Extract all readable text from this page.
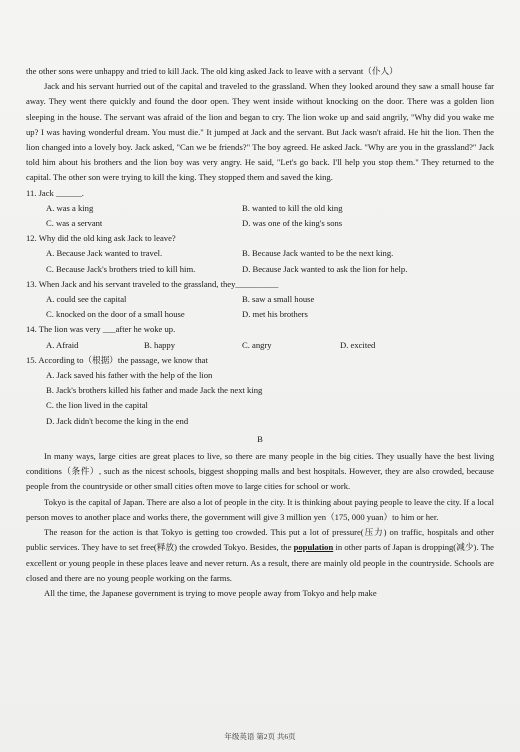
the other sons were unhappy and tried to kill Jack. The old king asked Jack to leave with a servant（仆人）

Jack and his servant hurried out of the capital and traveled to the grassland. When they looked around they saw a small house far away. They went there quickly and found the door open. They went inside without knocking on the door. There was a golden lion sleeping in the house. The servant was afraid of the lion and began to cry. The lion woke up and said angrily, "Why did you wake me up? I was having wonderful dream. You must die." It jumped at Jack and the servant. But Jack wasn't afraid. He hit the lion. Then the lion changed into a lovely boy. Jack asked, "Can we be friends?" The boy agreed. He asked Jack. "Why are you in the grassland?" Jack told him about his brothers and the lion boy was very angry. He said, "Let's go back. I'll help you stop them." They returned to the capital. The other son were trying to kill the king. They stopped them and saved the king.

11. Jack ______.

A. was a king	B. wanted to kill the old king
C. was a servant	D. was one of the king's sons

12. Why did the old king ask Jack to leave?

A. Because Jack wanted to travel.	B. Because Jack wanted to be the next king.
C. Because Jack's brothers tried to kill him.	D. Because Jack wanted to ask the lion for help.

13. When Jack and his servant traveled to the grassland, they__________

A. could see the capital	B. saw a small house
C. knocked on the door of a small house	D. met his brothers

14. The lion was very ___after he woke up.

A. Afraid	B. happy	C. angry	D. excited

15. According to（根据）the passage, we know that

A. Jack saved his father with the help of the lion
B. Jack's brothers killed his father and made Jack the next king
C. the lion lived in the capital
D. Jack didn't become the king in the end
B

In many ways, large cities are great places to live, so there are many people in the big cities. They usually have the best living conditions（条件）, such as the nicest schools, biggest shopping malls and best hospitals. However, they are also crowded, because people from the countryside or other small cities often move to large cities for school or work.

Tokyo is the capital of Japan. There are also a lot of people in the city. It is thinking about paying people to leave the city. If a local person moves to another place and works there, the government will give 3 million yen（175, 000 yuan）to him or her.

The reason for the action is that Tokyo is getting too crowded. This put a lot of pressure(压力) on traffic, hospitals and other public services. They have to set free(释放) the crowded Tokyo. Besides, the population in other parts of Japan is dropping(减少). The excellent or young people in these places leave and never return. As a result, there are mainly old people in the countryside. Schools are closed and there are no young people working on the farms.

All the time, the Japanese government is trying to move people away from Tokyo and help make

年级英语 第2页 共6页
